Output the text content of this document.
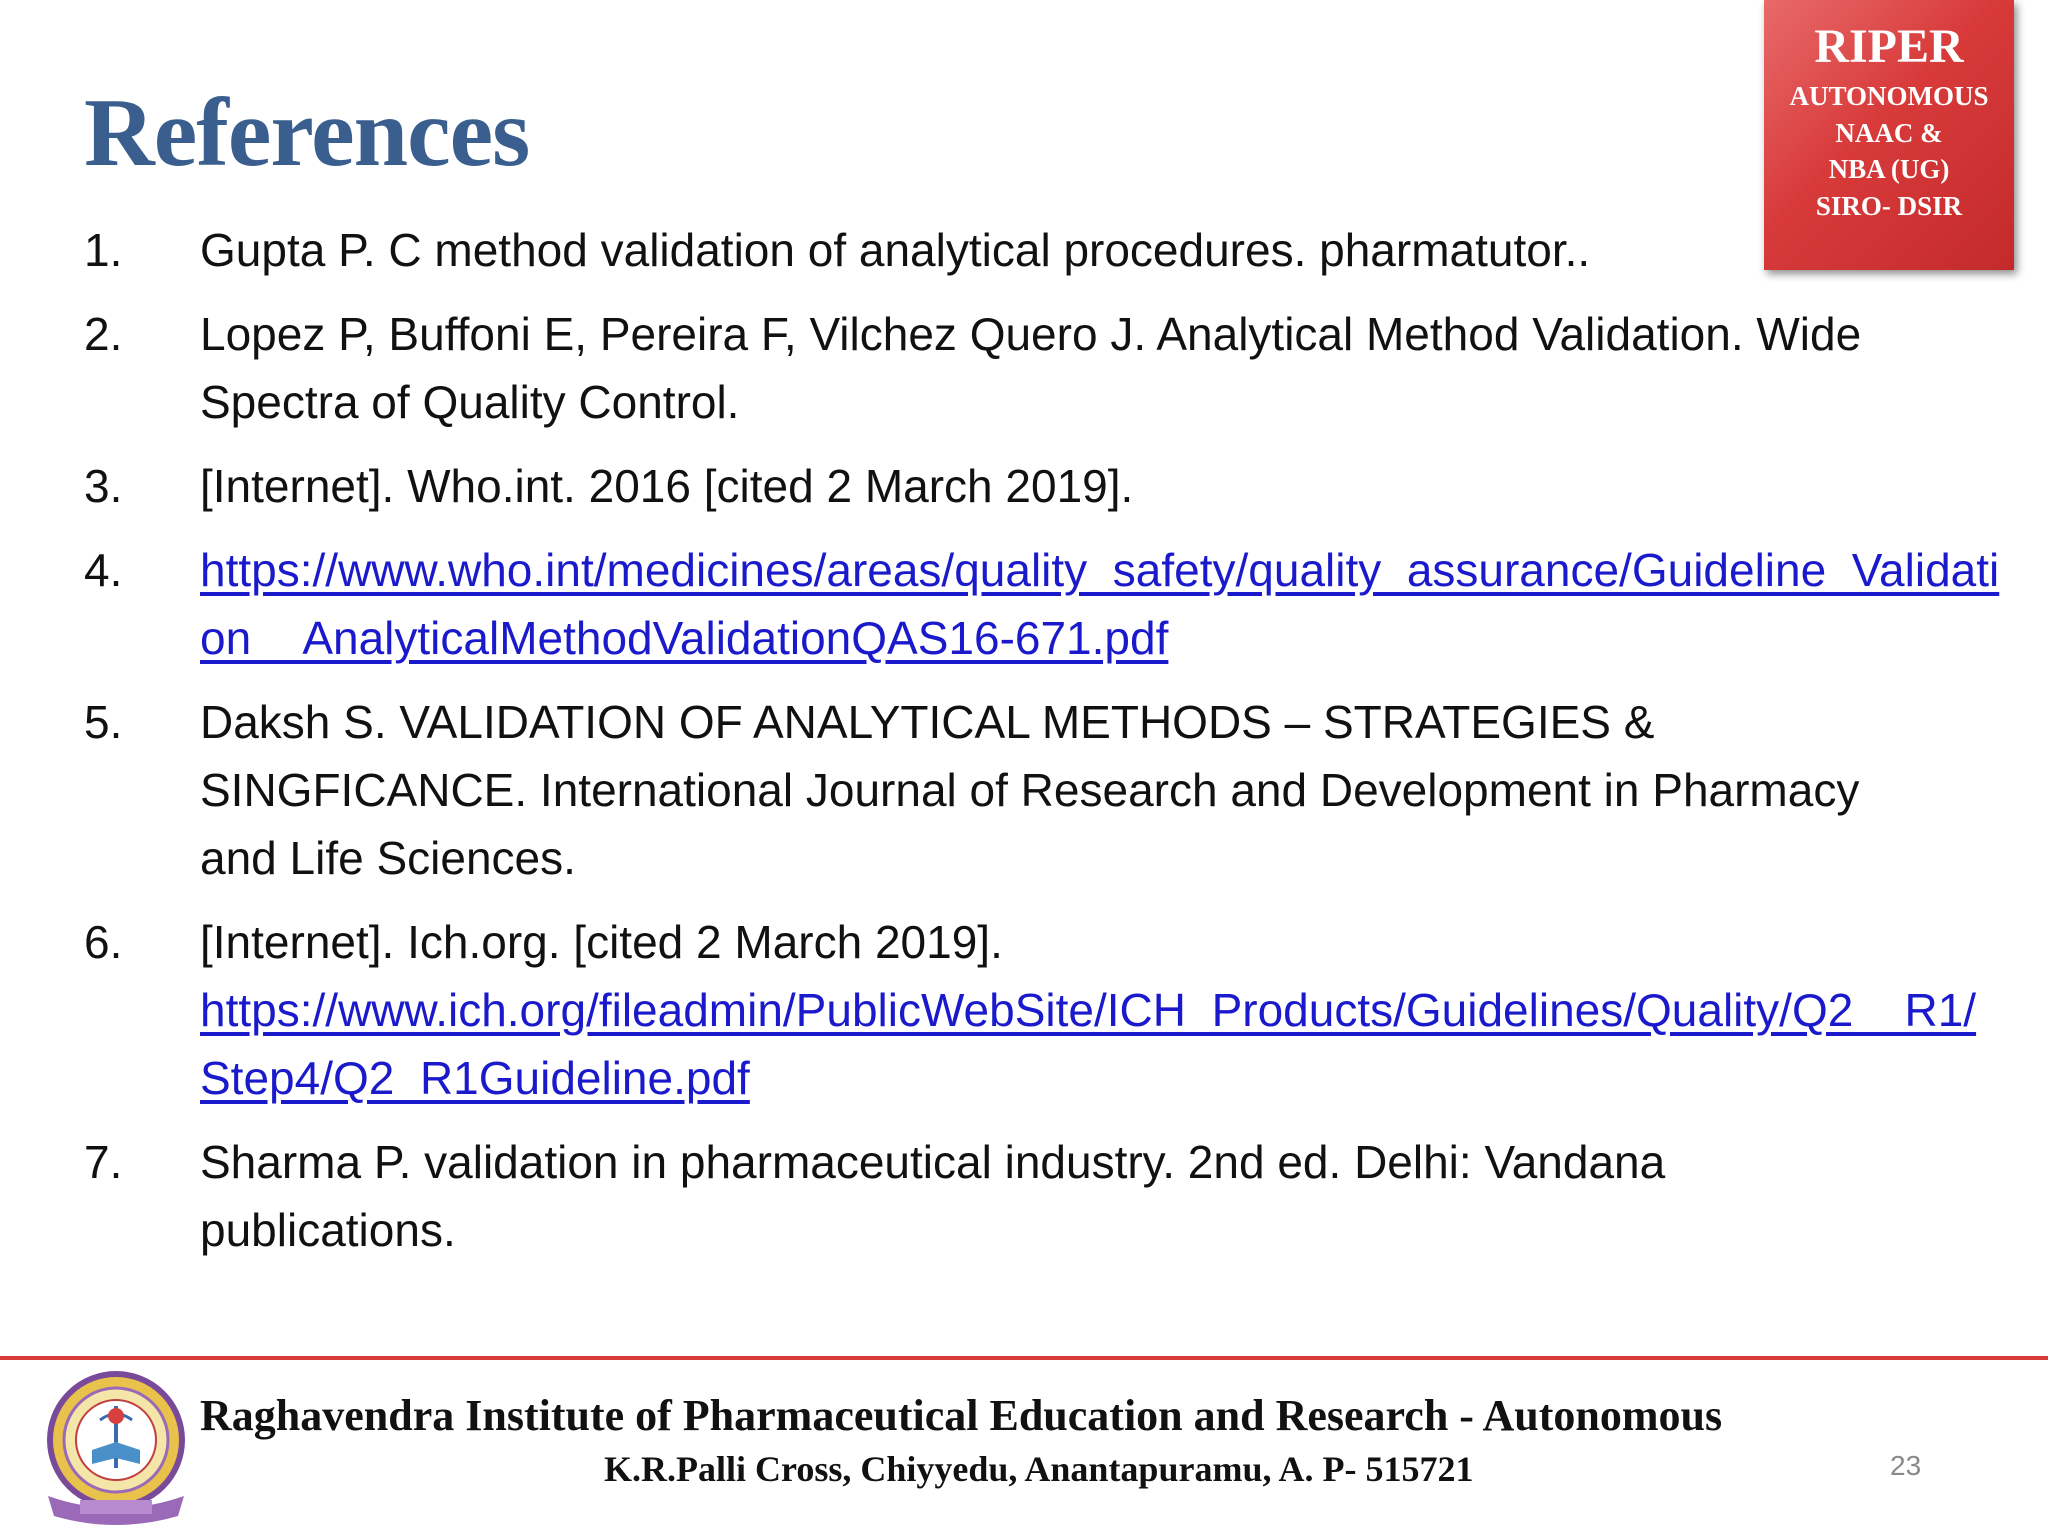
References
RIPER
AUTONOMOUS
NAAC &
NBA (UG)
SIRO- DSIR
1. Gupta P. C method validation of analytical procedures. pharmatutor..
2. Lopez P, Buffoni E, Pereira F, Vilchez Quero J. Analytical Method Validation. Wide Spectra of Quality Control.
3. [Internet]. Who.int. 2016 [cited 2 March 2019].
4. https://www.who.int/medicines/areas/quality_safety/quality_assurance/Guideline_Validation__AnalyticalMethodValidationQAS16-671.pdf
5. Daksh S. VALIDATION OF ANALYTICAL METHODS – STRATEGIES & SINGFICANCE. International Journal of Research and Development in Pharmacy and Life Sciences.
6. [Internet]. Ich.org. [cited 2 March 2019].
https://www.ich.org/fileadmin/PublicWebSite/ICH_Products/Guidelines/Quality/Q2__R1/Step4/Q2_R1Guideline.pdf
7. Sharma P. validation in pharmaceutical industry. 2nd ed. Delhi: Vandana publications.
Raghavendra Institute of Pharmaceutical Education and Research - Autonomous
K.R.Palli Cross, Chiyyedu, Anantapuramu, A. P- 515721	23
